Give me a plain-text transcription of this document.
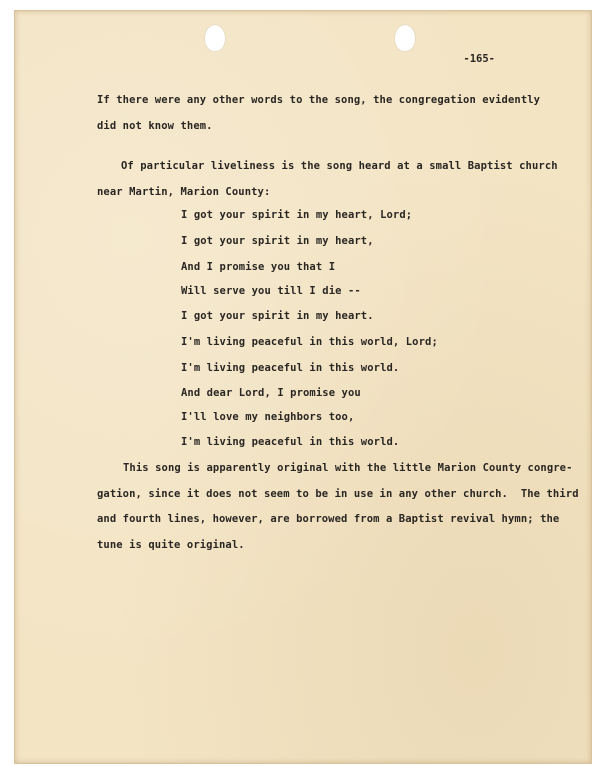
-165-
If there were any other words to the song, the congregation evidently
did not know them.
Of particular liveliness is the song heard at a small Baptist church
near Martin, Marion County:
I got your spirit in my heart, Lord;
I got your spirit in my heart,
And I promise you that I
Will serve you till I die --
I got your spirit in my heart.
I'm living peaceful in this world, Lord;
I'm living peaceful in this world.
And dear Lord, I promise you
I'll love my neighbors too,
I'm living peaceful in this world.
This song is apparently original with the little Marion County congre-
gation, since it does not seem to be in use in any other church.  The third
and fourth lines, however, are borrowed from a Baptist revival hymn; the
tune is quite original.
